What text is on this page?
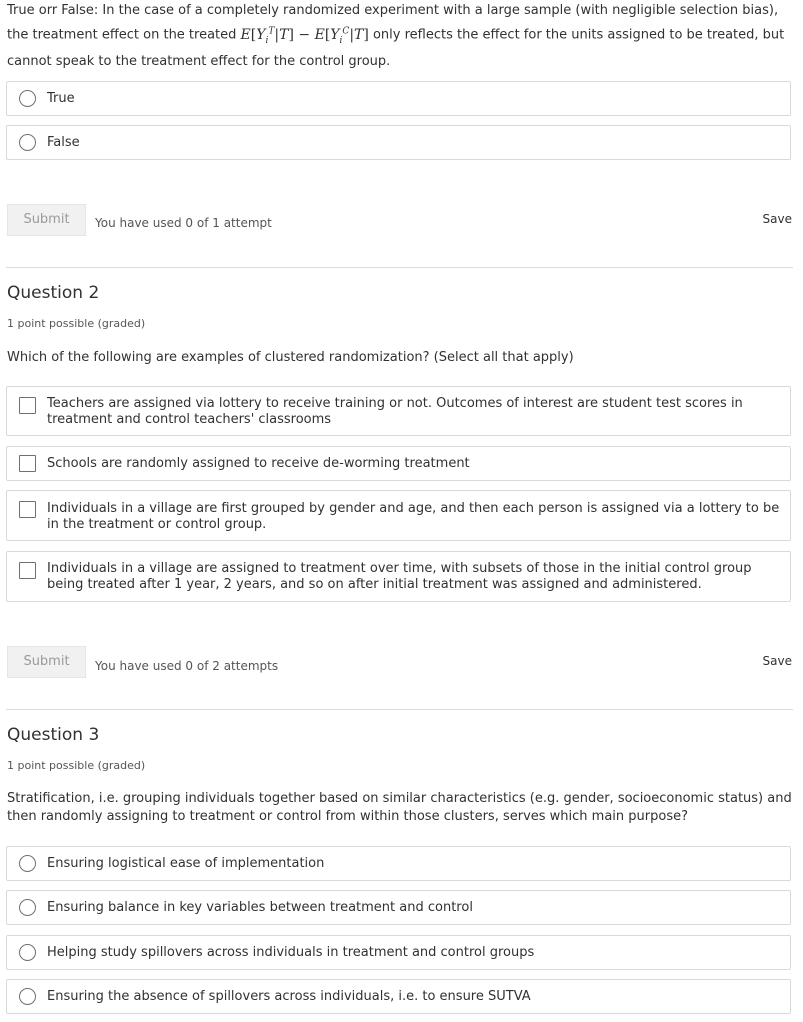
True orr False: In the case of a completely randomized experiment with a large sample (with negligible selection bias), the treatment effect on the treated $E[Y_i^T|T] - E[Y_i^C|T]$ only reflects the effect for the units assigned to be treated, but cannot speak to the treatment effect for the control group.
True
False
Submit	You have used 0 of 1 attempt	Save
Question 2
1 point possible (graded)
Which of the following are examples of clustered randomization? (Select all that apply)
Teachers are assigned via lottery to receive training or not. Outcomes of interest are student test scores in treatment and control teachers' classrooms
Schools are randomly assigned to receive de-worming treatment
Individuals in a village are first grouped by gender and age, and then each person is assigned via a lottery to be in the treatment or control group.
Individuals in a village are assigned to treatment over time, with subsets of those in the initial control group being treated after 1 year, 2 years, and so on after initial treatment was assigned and administered.
Submit	You have used 0 of 2 attempts	Save
Question 3
1 point possible (graded)
Stratification, i.e. grouping individuals together based on similar characteristics (e.g. gender, socioeconomic status) and then randomly assigning to treatment or control from within those clusters, serves which main purpose?
Ensuring logistical ease of implementation
Ensuring balance in key variables between treatment and control
Helping study spillovers across individuals in treatment and control groups
Ensuring the absence of spillovers across individuals, i.e. to ensure SUTVA
